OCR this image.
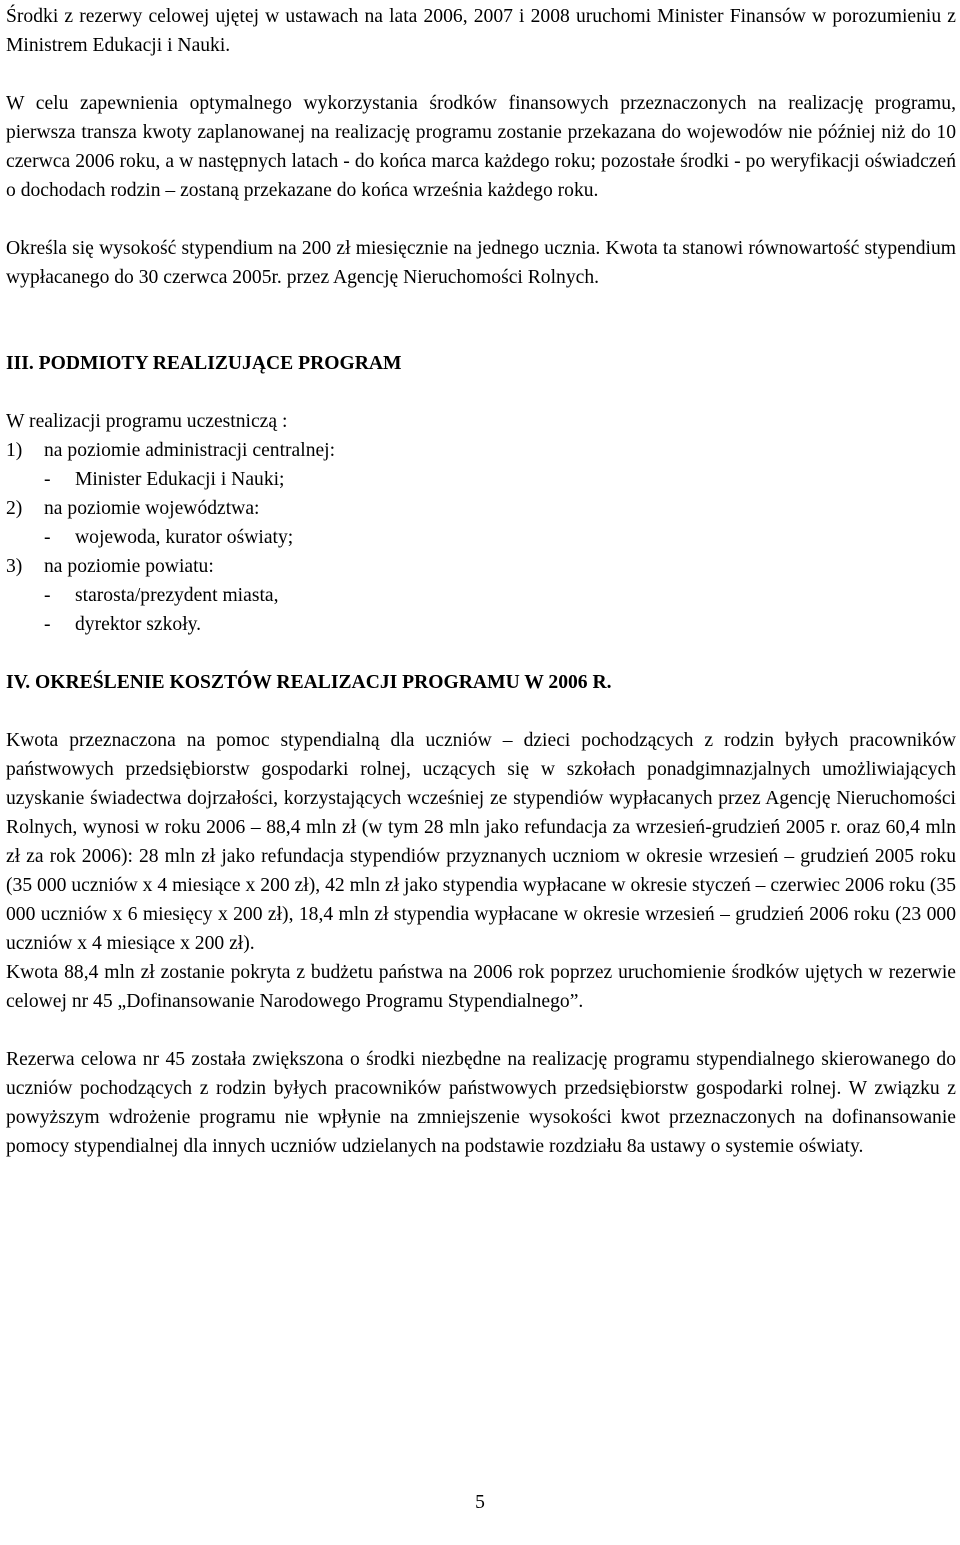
Środki z rezerwy celowej ujętej w ustawach na lata 2006, 2007 i 2008 uruchomi Minister Finansów w porozumieniu z Ministrem Edukacji i Nauki.

W celu zapewnienia optymalnego wykorzystania środków finansowych przeznaczonych na realizację programu, pierwsza transza kwoty zaplanowanej na realizację programu zostanie przekazana do wojewodów nie później niż do 10 czerwca 2006 roku, a w następnych latach - do końca marca każdego roku; pozostałe środki - po weryfikacji oświadczeń o dochodach rodzin – zostaną przekazane do końca września każdego roku.

Określa się wysokość stypendium na 200 zł miesięcznie na jednego ucznia. Kwota ta stanowi równowartość stypendium wypłacanego do 30 czerwca 2005r. przez Agencję Nieruchomości Rolnych.

III. PODMIOTY REALIZUJĄCE PROGRAM

W realizacji programu uczestniczą :

1)	na poziomie administracji centralnej:
-	Minister Edukacji i Nauki;
2)	na poziomie województwa:
-	wojewoda, kurator oświaty;
3)	na poziomie powiatu:
-	starosta/prezydent miasta,
-	dyrektor szkoły.

IV. OKREŚLENIE KOSZTÓW REALIZACJI PROGRAMU W 2006 R.

Kwota przeznaczona na pomoc stypendialną dla uczniów – dzieci pochodzących z rodzin byłych pracowników państwowych przedsiębiorstw gospodarki rolnej, uczących się w szkołach ponadgimnazjalnych umożliwiających uzyskanie świadectwa dojrzałości, korzystających wcześniej ze stypendiów wypłacanych przez Agencję Nieruchomości Rolnych, wynosi w roku 2006 – 88,4 mln zł (w tym 28 mln jako refundacja za wrzesień-grudzień 2005 r. oraz 60,4 mln zł za rok 2006): 28 mln zł jako refundacja stypendiów przyznanych uczniom w okresie wrzesień – grudzień 2005 roku (35 000 uczniów x 4 miesiące x 200 zł), 42 mln zł jako stypendia wypłacane w okresie styczeń – czerwiec 2006 roku (35 000 uczniów x 6 miesięcy x 200 zł), 18,4 mln zł stypendia wypłacane w okresie wrzesień – grudzień 2006 roku (23 000 uczniów x 4 miesiące x 200 zł).

Kwota 88,4 mln zł zostanie pokryta z budżetu państwa na 2006 rok poprzez uruchomienie środków ujętych w rezerwie celowej nr 45 „Dofinansowanie Narodowego Programu Stypendialnego”.

Rezerwa celowa nr 45 została zwiększona o środki niezbędne na realizację programu stypendialnego skierowanego do uczniów pochodzących z rodzin byłych pracowników państwowych przedsiębiorstw gospodarki rolnej. W związku z powyższym wdrożenie programu nie wpłynie na zmniejszenie wysokości kwot przeznaczonych na dofinansowanie pomocy stypendialnej dla innych uczniów udzielanych na podstawie rozdziału 8a ustawy o systemie oświaty.

5
